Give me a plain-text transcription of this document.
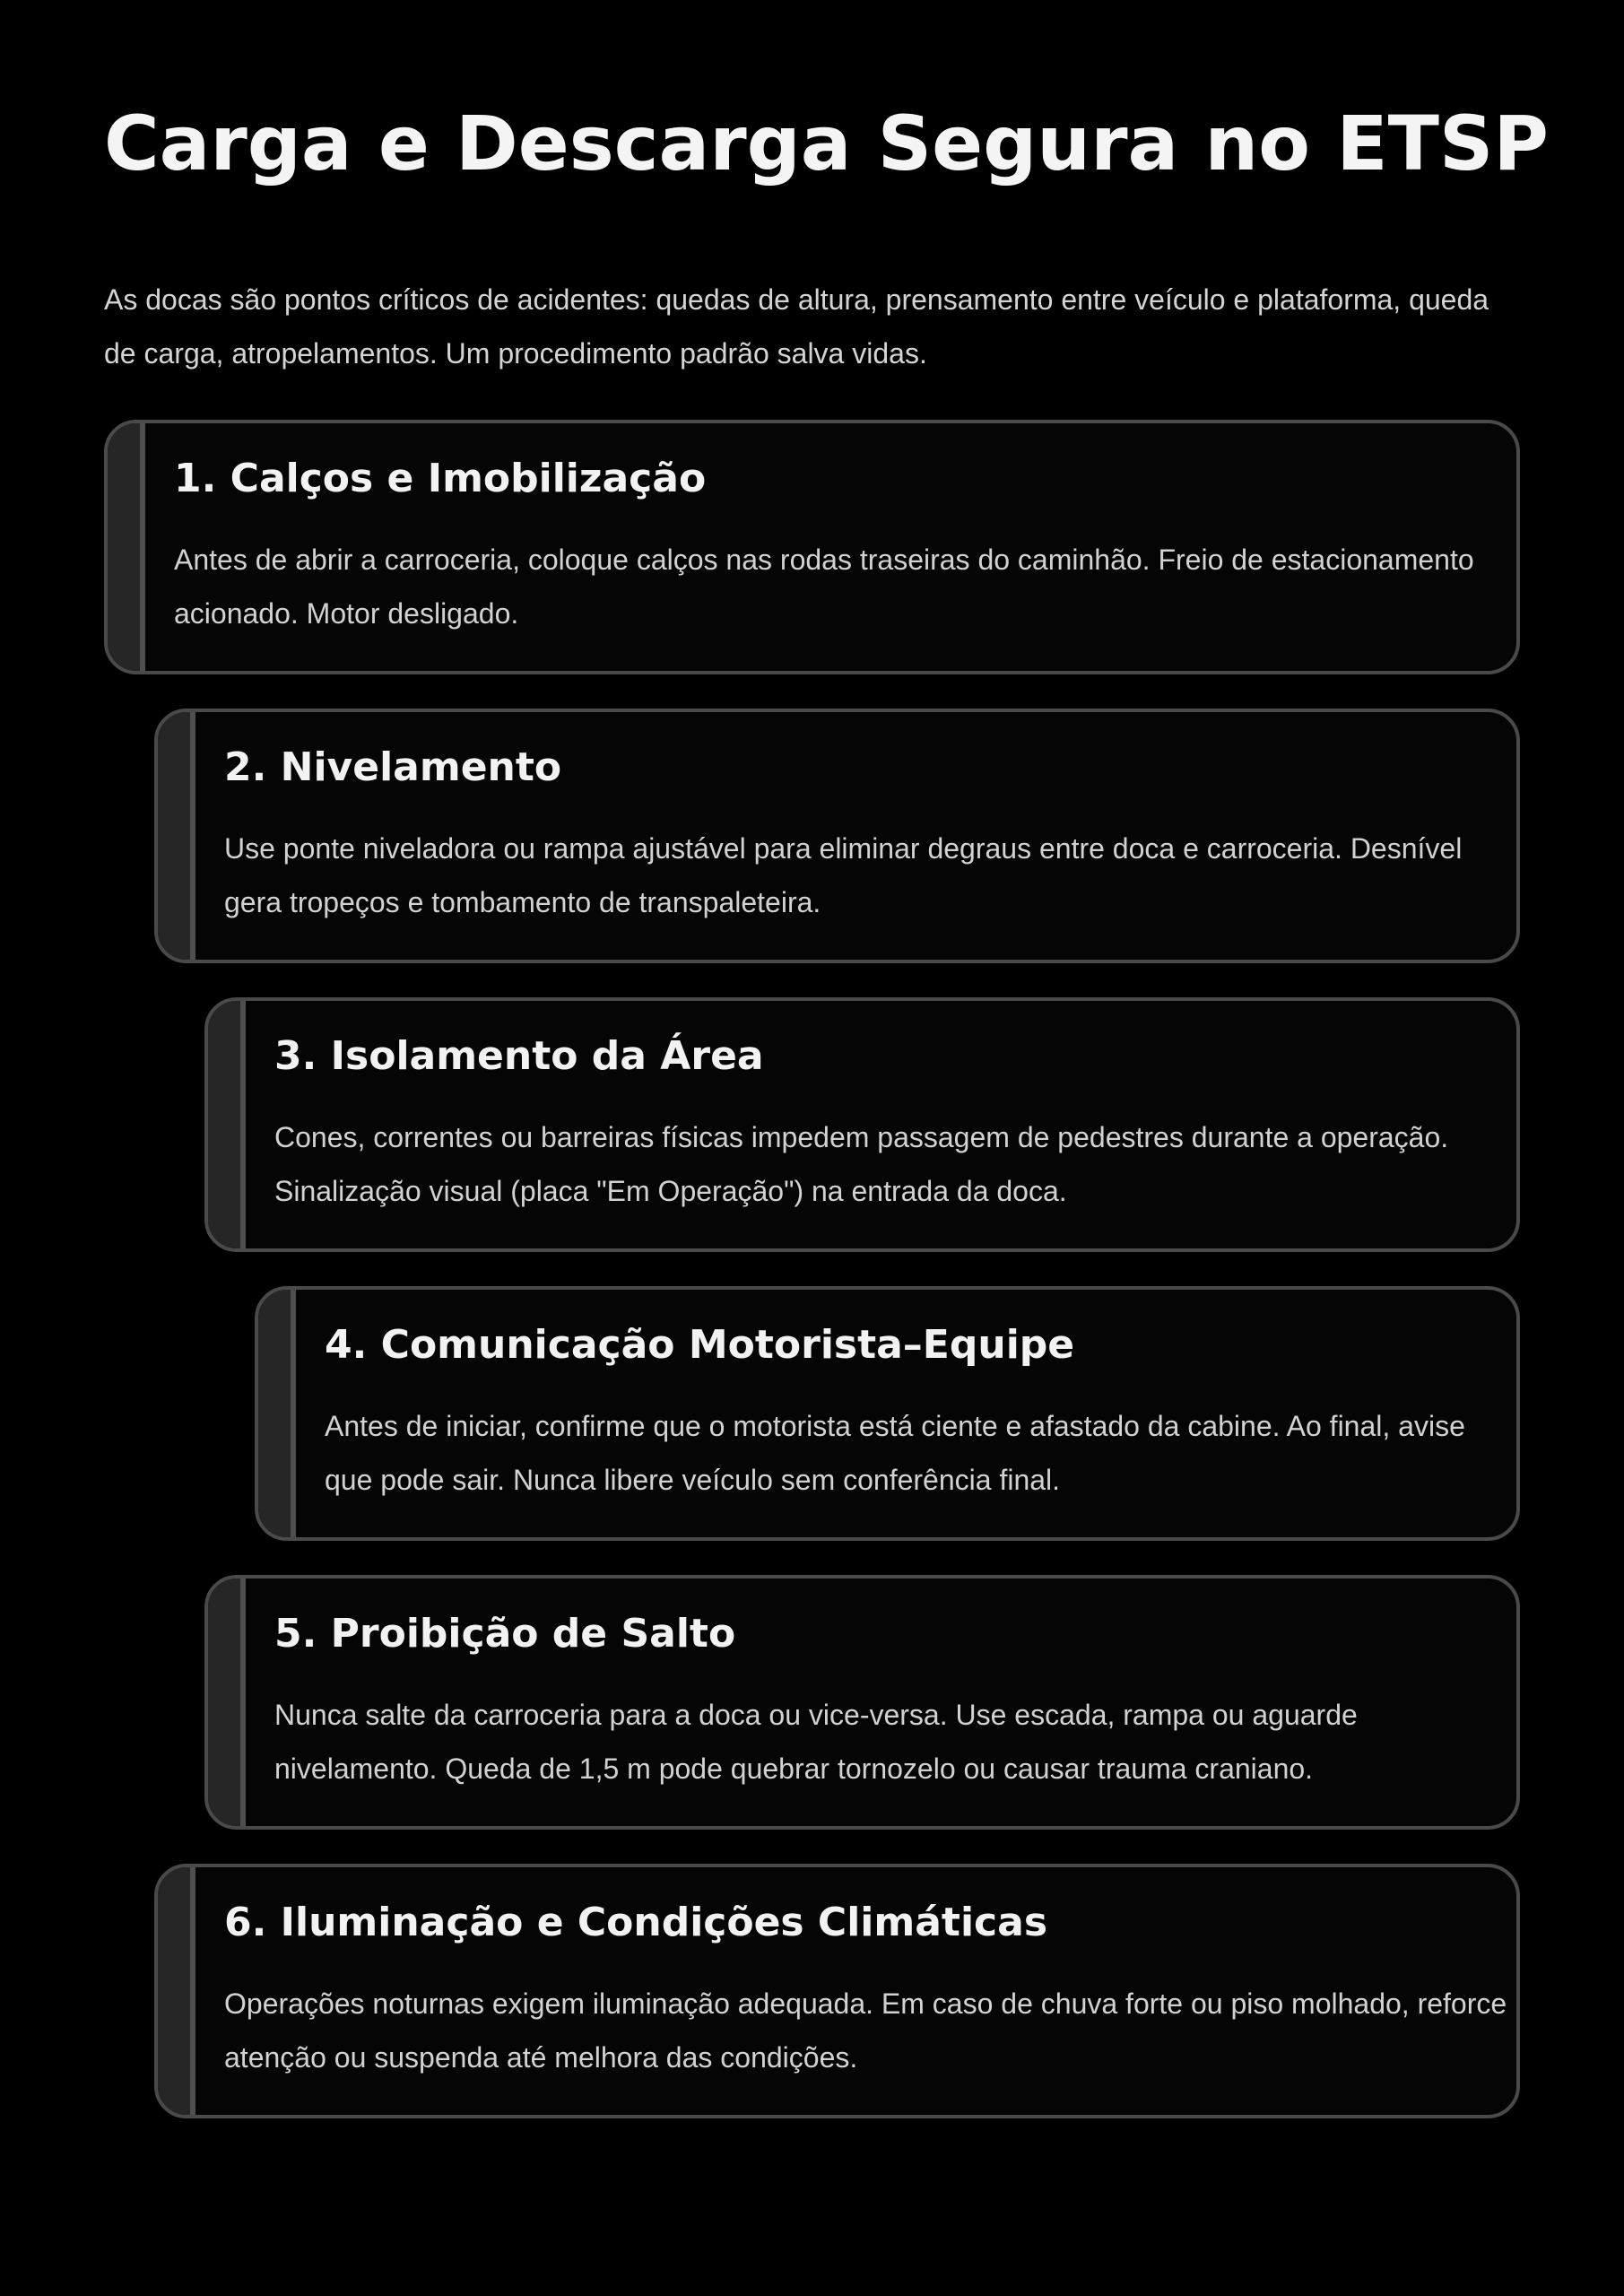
Carga e Descarga Segura no ETSP

As docas são pontos críticos de acidentes: quedas de altura, prensamento entre veículo e plataforma, queda de carga, atropelamentos. Um procedimento padrão salva vidas.

1. Calços e Imobilização

Antes de abrir a carroceria, coloque calços nas rodas traseiras do caminhão. Freio de estacionamento acionado. Motor desligado.

2. Nivelamento

Use ponte niveladora ou rampa ajustável para eliminar degraus entre doca e carroceria. Desnível gera tropeços e tombamento de transpaleteira.

3. Isolamento da Área

Cones, correntes ou barreiras físicas impedem passagem de pedestres durante a operação. Sinalização visual (placa "Em Operação") na entrada da doca.

4. Comunicação Motorista–Equipe

Antes de iniciar, confirme que o motorista está ciente e afastado da cabine. Ao final, avise que pode sair. Nunca libere veículo sem conferência final.

5. Proibição de Salto

Nunca salte da carroceria para a doca ou vice-versa. Use escada, rampa ou aguarde nivelamento. Queda de 1,5 m pode quebrar tornozelo ou causar trauma craniano.

6. Iluminação e Condições Climáticas

Operações noturnas exigem iluminação adequada. Em caso de chuva forte ou piso molhado, reforce atenção ou suspenda até melhora das condições.
